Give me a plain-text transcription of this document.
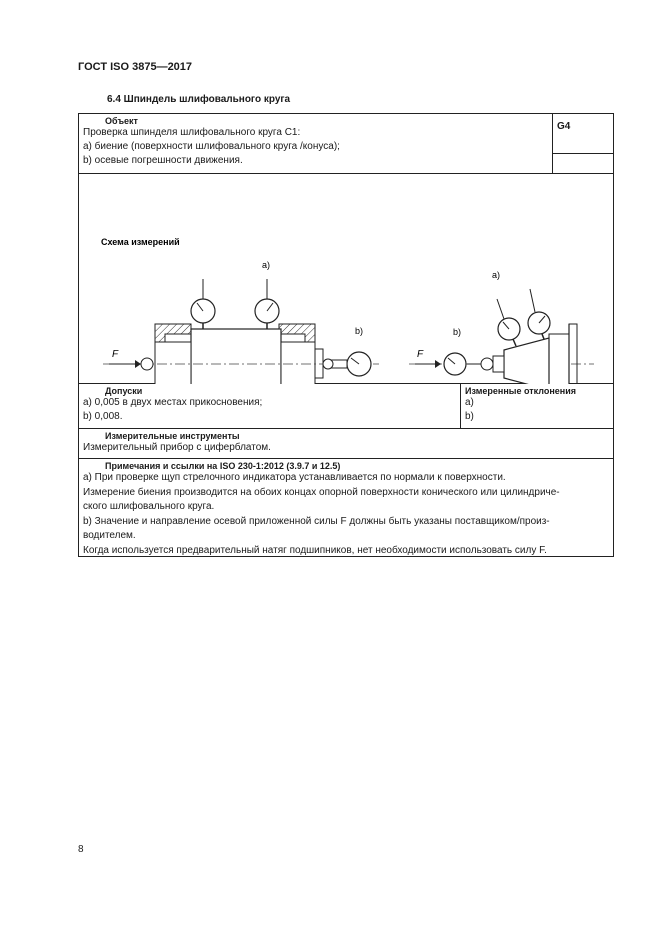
ГОСТ ISO 3875—2017
6.4 Шпиндель шлифовального круга
Объект
Проверка шпинделя шлифовального круга С1:
а) биение (поверхности шлифовального круга /конуса);
b) осевые погрешности движения.
G4
Схема измерений
F
a)
b)
F
b)
a)
Допуски
а) 0,005 в двух местах прикосновения;
b) 0,008.
Измеренные отклонения
а)
b)
Измерительные инструменты
Измерительный прибор с циферблатом.
Примечания и ссылки на ISO 230-1:2012 (3.9.7 и 12.5)
а) При проверке щуп стрелочного индикатора устанавливается по нормали к поверхности.
Измерение биения производится на обоих концах опорной поверхности конического или цилиндриче-
ского шлифовального круга.
b) Значение и направление осевой приложенной силы F должны быть указаны поставщиком/произ-
водителем.
Когда используется предварительный натяг подшипников, нет необходимости использовать силу F.
8
